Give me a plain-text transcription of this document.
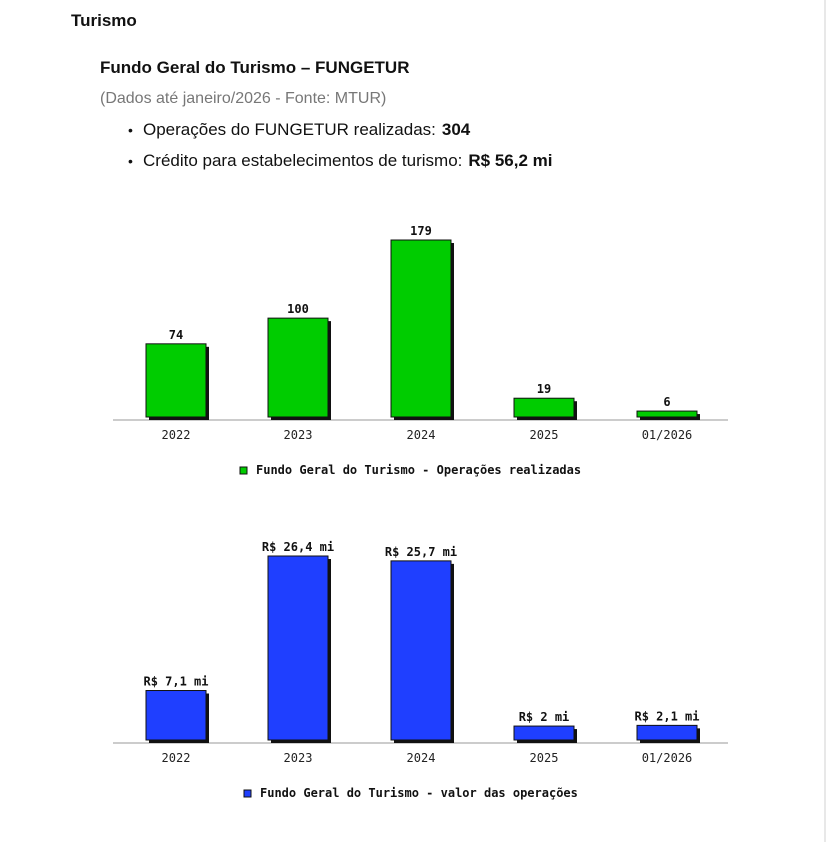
Turismo
Fundo Geral do Turismo – FUNGETUR
(Dados até janeiro/2026 - Fonte: MTUR)
• Operações do FUNGETUR realizadas: 304
• Crédito para estabelecimentos de turismo: R$ 56,2 mi
74
2022
100
2023
179
2024
19
2025
6
01/2026
Fundo Geral do Turismo - Operações realizadas
R$ 7,1 mi
2022
R$ 26,4 mi
2023
R$ 25,7 mi
2024
R$ 2 mi
2025
R$ 2,1 mi
01/2026
Fundo Geral do Turismo - valor das operações
